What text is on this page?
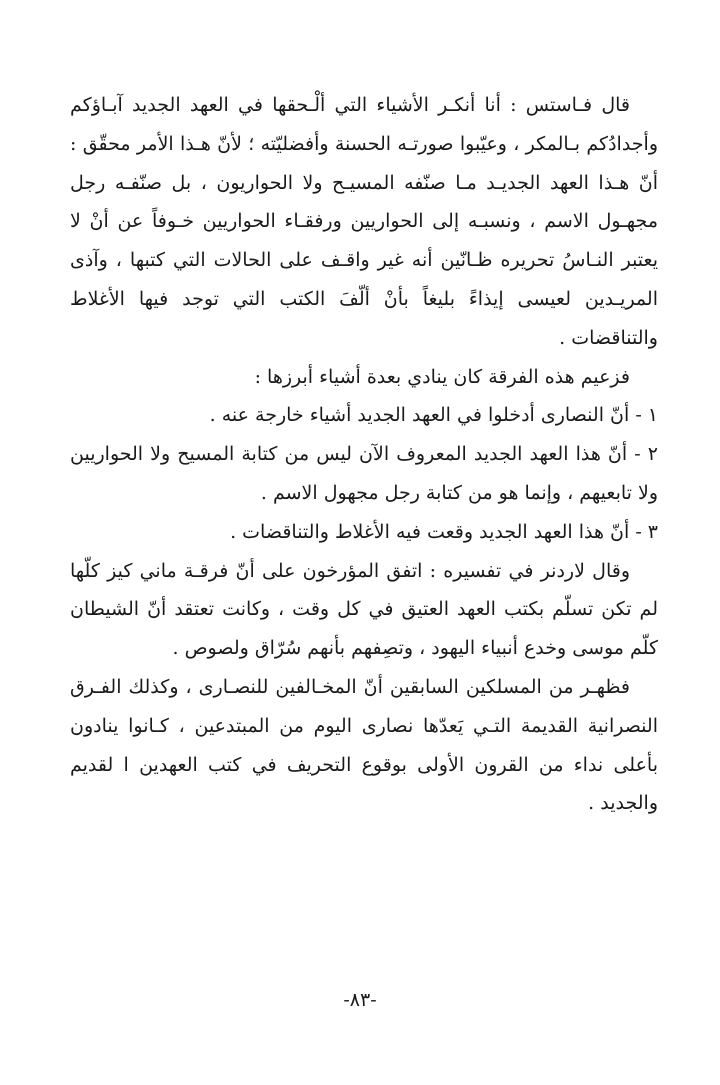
قال فـاستس : أنا أنكـر الأشياء التي ألْـحقها في العهد الجديد آبـاؤكم وأجدادُكم بـالمكر ، وعيّبوا صورتـه الحسنة وأفضليّته ؛ لأنّ هـذا الأمر محقّق : أنّ هـذا العهد الجديـد مـا صنّفه المسيـح ولا الحواريون ، بل صنّفـه رجل مجهـول الاسم ، ونسبـه إلى الحواريين ورفقـاء الحواريين خـوفاً عن أنْ لا يعتبر النـاسُ تحريره ظـانّين أنه غير واقـف على الحالات التي كتبها ، وآذى المريـدين لعيسى إيذاءً بليغاً بأنْ ألّفَ الكتب التي توجد فيها الأغلاط والتناقضات .

فزعيم هذه الفرقة كان ينادي بعدة أشياء أبرزها :

١ - أنّ النصارى أدخلوا في العهد الجديد أشياء خارجة عنه .

٢ - أنّ هذا العهد الجديد المعروف الآن ليس من كتابة المسيح ولا الحواريين ولا تابعيهم ، وإنما هو من كتابة رجل مجهول الاسم .

٣ - أنّ هذا العهد الجديد وقعت فيه الأغلاط والتناقضات .

وقال لاردنر في تفسيره : اتفق المؤرخون على أنّ فرقـة ماني كيز كلّها لم تكن تسلّم بكتب العهد العتيق في كل وقت ، وكانت تعتقد أنّ الشيطان كلّم موسى وخدع أنبياء اليهود ، وتصِفهم بأنهم سُرّاق ولصوص .

فظهـر من المسلكين السابقين أنّ المخـالفين للنصـارى ، وكذلك الفـرق النصرانية القديمة التـي يَعدّها نصارى اليوم من المبتدعين ، كـانوا ينادون بأعلى نداء من القرون الأولى بوقوع التحريف في كتب العهدين ا لقديم والجديد .

-٨٣-
